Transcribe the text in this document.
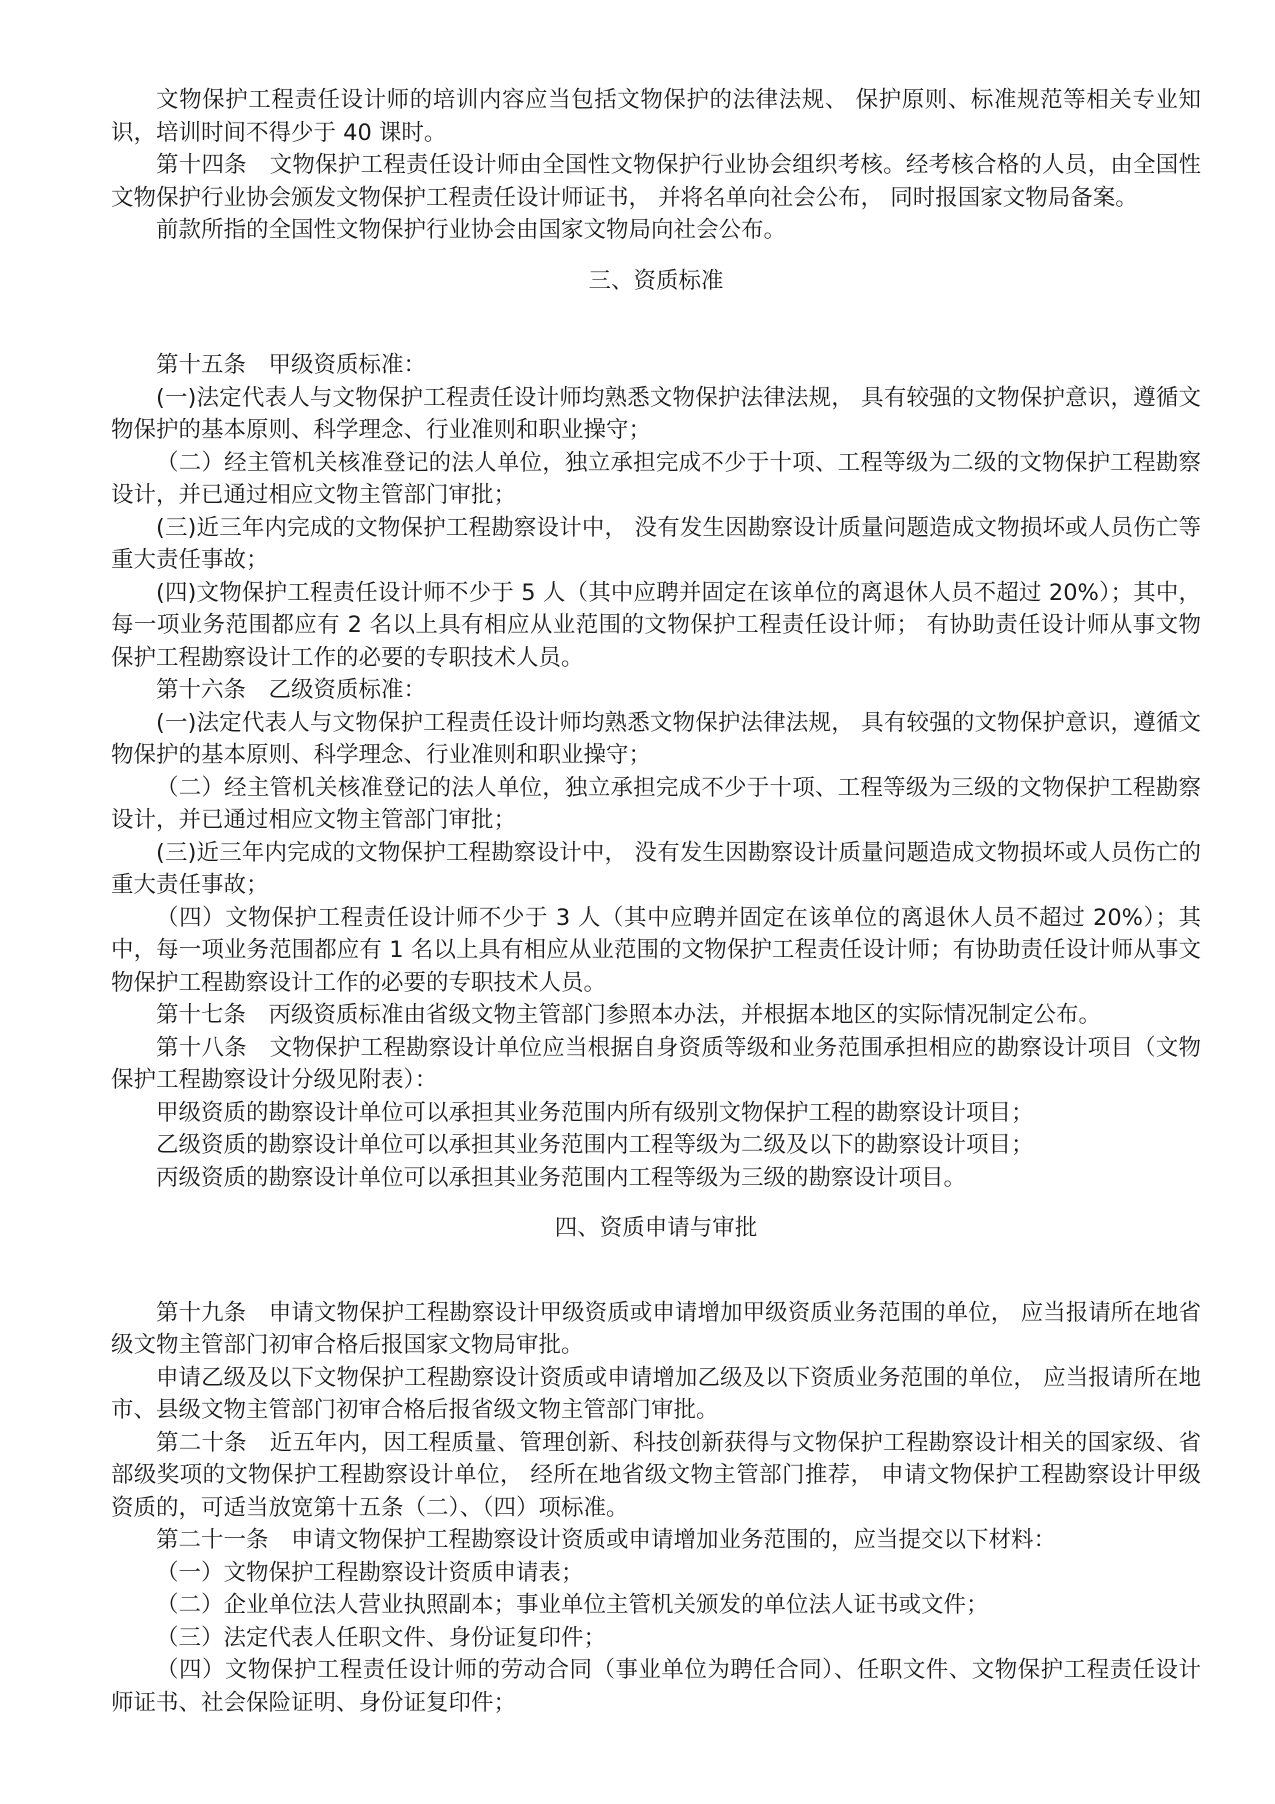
文物保护工程责任设计师的培训内容应当包括文物保护的法律法规、 保护原则、标准规范等相关专业知识，培训时间不得少于 40 课时。

第十四条　文物保护工程责任设计师由全国性文物保护行业协会组织考核。经考核合格的人员，由全国性文物保护行业协会颁发文物保护工程责任设计师证书， 并将名单向社会公布， 同时报国家文物局备案。

前款所指的全国性文物保护行业协会由国家文物局向社会公布。

三、资质标准

第十五条　甲级资质标准：

(一)法定代表人与文物保护工程责任设计师均熟悉文物保护法律法规， 具有较强的文物保护意识，遵循文物保护的基本原则、科学理念、行业准则和职业操守；

（二）经主管机关核准登记的法人单位，独立承担完成不少于十项、工程等级为二级的文物保护工程勘察设计，并已通过相应文物主管部门审批；

(三)近三年内完成的文物保护工程勘察设计中， 没有发生因勘察设计质量问题造成文物损坏或人员伤亡等重大责任事故；

(四)文物保护工程责任设计师不少于 5 人（其中应聘并固定在该单位的离退休人员不超过 20%）；其中，每一项业务范围都应有 2 名以上具有相应从业范围的文物保护工程责任设计师； 有协助责任设计师从事文物保护工程勘察设计工作的必要的专职技术人员。

第十六条　乙级资质标准：

(一)法定代表人与文物保护工程责任设计师均熟悉文物保护法律法规， 具有较强的文物保护意识，遵循文物保护的基本原则、科学理念、行业准则和职业操守；

（二）经主管机关核准登记的法人单位，独立承担完成不少于十项、工程等级为三级的文物保护工程勘察设计，并已通过相应文物主管部门审批；

(三)近三年内完成的文物保护工程勘察设计中， 没有发生因勘察设计质量问题造成文物损坏或人员伤亡的重大责任事故；

（四）文物保护工程责任设计师不少于 3 人（其中应聘并固定在该单位的离退休人员不超过 20%）；其中，每一项业务范围都应有 1 名以上具有相应从业范围的文物保护工程责任设计师；有协助责任设计师从事文物保护工程勘察设计工作的必要的专职技术人员。

第十七条　丙级资质标准由省级文物主管部门参照本办法，并根据本地区的实际情况制定公布。

第十八条　文物保护工程勘察设计单位应当根据自身资质等级和业务范围承担相应的勘察设计项目（文物保护工程勘察设计分级见附表）：

甲级资质的勘察设计单位可以承担其业务范围内所有级别文物保护工程的勘察设计项目；

乙级资质的勘察设计单位可以承担其业务范围内工程等级为二级及以下的勘察设计项目；

丙级资质的勘察设计单位可以承担其业务范围内工程等级为三级的勘察设计项目。

四、资质申请与审批

第十九条　申请文物保护工程勘察设计甲级资质或申请增加甲级资质业务范围的单位， 应当报请所在地省级文物主管部门初审合格后报国家文物局审批。

申请乙级及以下文物保护工程勘察设计资质或申请增加乙级及以下资质业务范围的单位， 应当报请所在地市、县级文物主管部门初审合格后报省级文物主管部门审批。

第二十条　近五年内，因工程质量、管理创新、科技创新获得与文物保护工程勘察设计相关的国家级、省部级奖项的文物保护工程勘察设计单位， 经所在地省级文物主管部门推荐， 申请文物保护工程勘察设计甲级资质的，可适当放宽第十五条（二）、（四）项标准。

第二十一条　申请文物保护工程勘察设计资质或申请增加业务范围的，应当提交以下材料：

（一）文物保护工程勘察设计资质申请表；

（二）企业单位法人营业执照副本；事业单位主管机关颁发的单位法人证书或文件；

（三）法定代表人任职文件、身份证复印件；

（四）文物保护工程责任设计师的劳动合同（事业单位为聘任合同）、任职文件、文物保护工程责任设计师证书、社会保险证明、身份证复印件；
